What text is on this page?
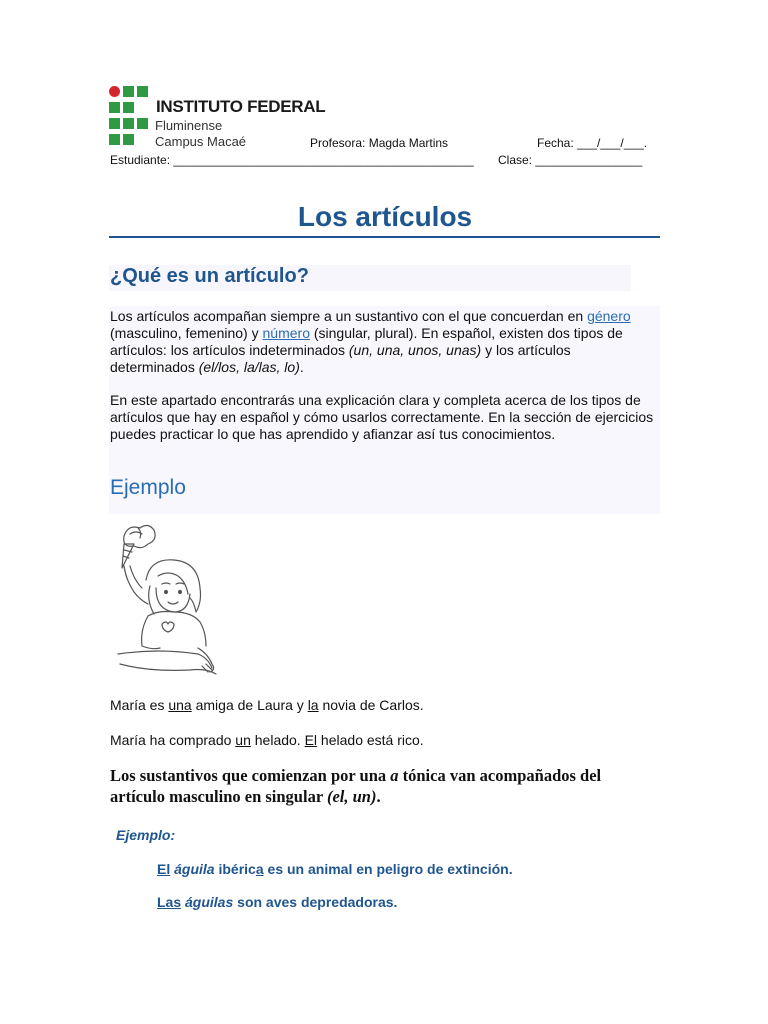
INSTITUTO FEDERAL
Fluminense
Campus Macaé	Profesora: Magda Martins	Fecha: ___/___/___.
Estudiante: _____________________________________________ Clase: ________________
Los artículos
¿Qué es un artículo?
Los artículos acompañan siempre a un sustantivo con el que concuerdan en género (masculino, femenino) y número (singular, plural). En español, existen dos tipos de artículos: los artículos indeterminados (un, una, unos, unas) y los artículos determinados (el/los, la/las, lo).
En este apartado encontrarás una explicación clara y completa acerca de los tipos de artículos que hay en español y cómo usarlos correctamente. En la sección de ejercicios puedes practicar lo que has aprendido y afianzar así tus conocimientos.
Ejemplo
María es una amiga de Laura y la novia de Carlos.
María ha comprado un helado. El helado está rico.
Los sustantivos que comienzan por una a tónica van acompañados del artículo masculino en singular (el, un).
Ejemplo:
El águila ibérica es un animal en peligro de extinción.
Las águilas son aves depredadoras.
